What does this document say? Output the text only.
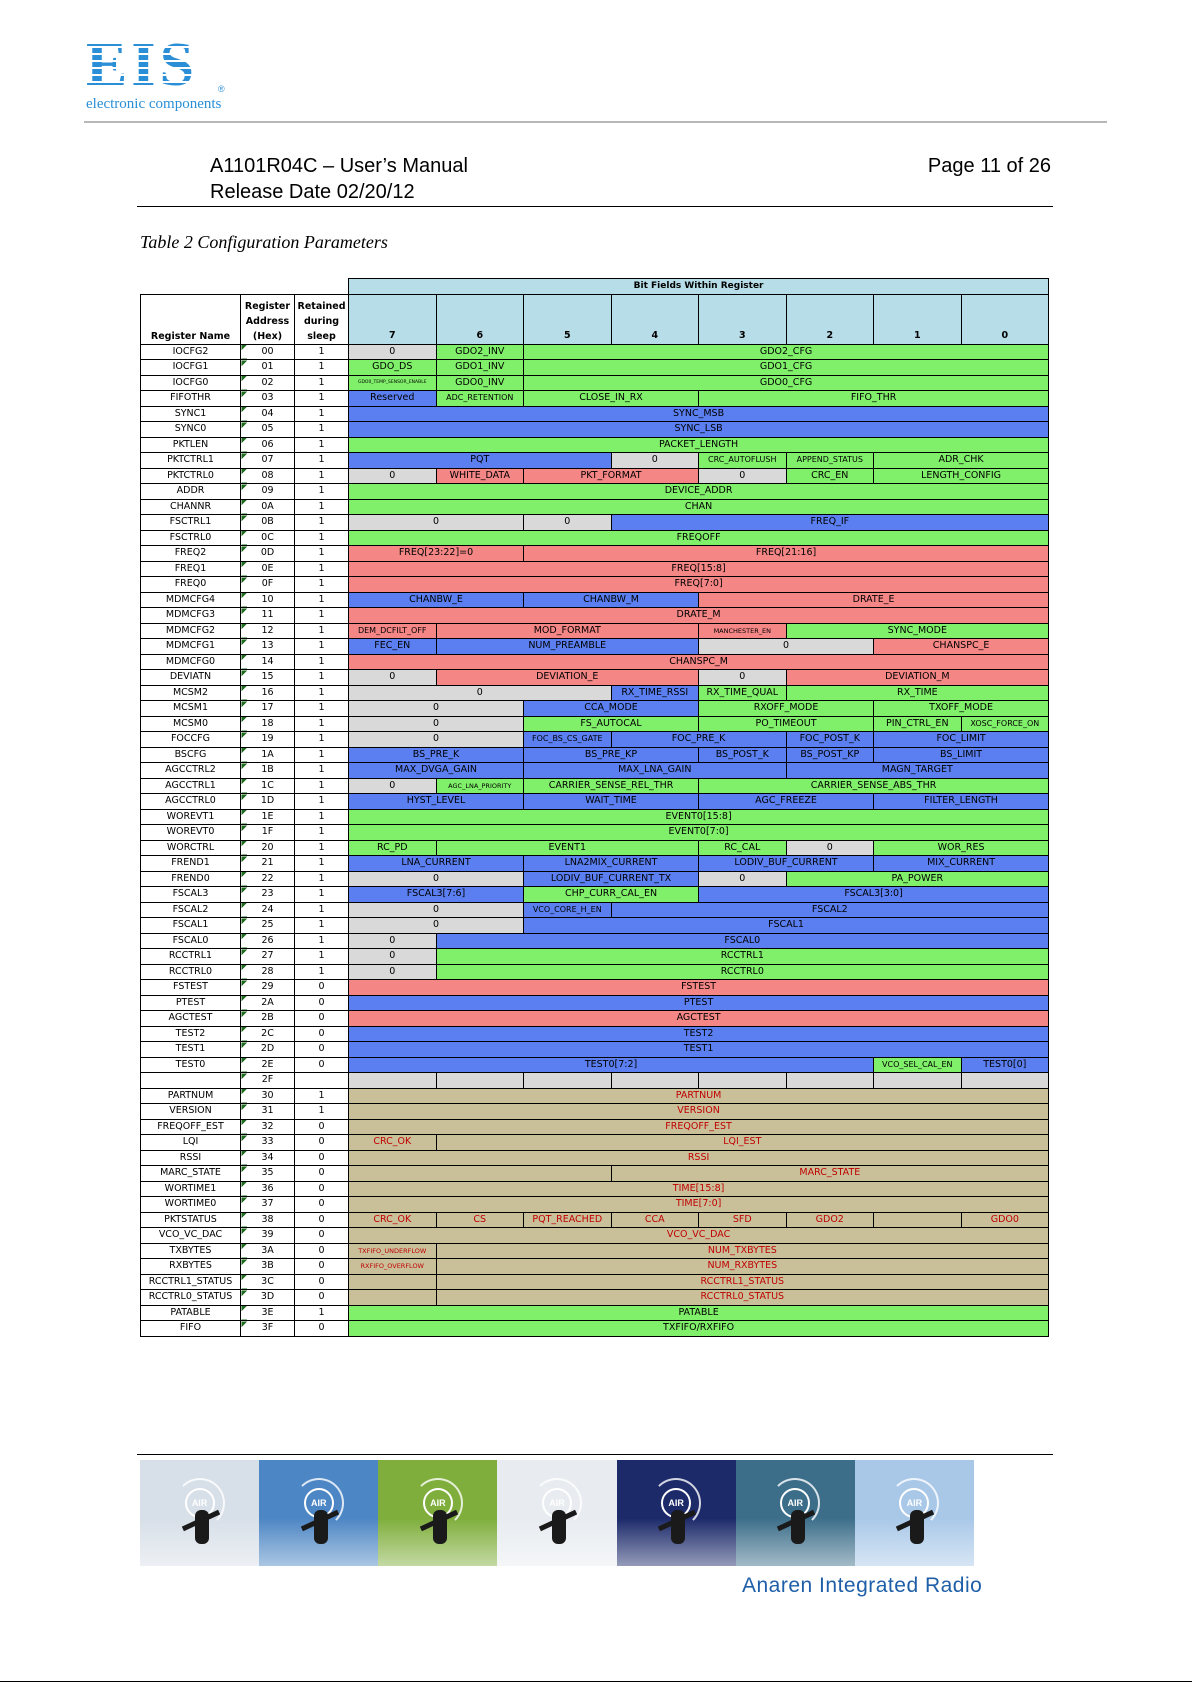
EIS
electronic components
®
A1101R04C – User’s Manual
Release Date 02/20/12
Page 11 of 26
Table 2 Configuration Parameters
			Bit Fields Within Register							
Register Name	Register Address (Hex)	Retained during sleep	7	6	5	4	3	2	1	0
IOCFG2	00	1	0	GDO2_INV	GDO2_CFG					
IOCFG1	01	1	GDO_DS	GDO1_INV	GDO1_CFG					
IOCFG0	02	1	GDO0_TEMP_SENSOR_ENABLE	GDO0_INV	GDO0_CFG					
FIFOTHR	03	1	Reserved	ADC_RETENTION	CLOSE_IN_RX		FIFO_THR			
SYNC1	04	1	SYNC_MSB							
SYNC0	05	1	SYNC_LSB							
PKTLEN	06	1	PACKET_LENGTH							
PKTCTRL1	07	1	PQT			0	CRC_AUTOFLUSH	APPEND_STATUS	ADR_CHK	
PKTCTRL0	08	1	0	WHITE_DATA	PKT_FORMAT		0	CRC_EN	LENGTH_CONFIG	
ADDR	09	1	DEVICE_ADDR							
CHANNR	0A	1	CHAN							
FSCTRL1	0B	1	0		0	FREQ_IF				
FSCTRL0	0C	1	FREQOFF							
FREQ2	0D	1	FREQ[23:22]=0		FREQ[21:16]					
FREQ1	0E	1	FREQ[15:8]							
FREQ0	0F	1	FREQ[7:0]							
MDMCFG4	10	1	CHANBW_E		CHANBW_M		DRATE_E			
MDMCFG3	11	1	DRATE_M							
MDMCFG2	12	1	DEM_DCFILT_OFF	MOD_FORMAT			MANCHESTER_EN	SYNC_MODE		
MDMCFG1	13	1	FEC_EN	NUM_PREAMBLE			0		CHANSPC_E	
MDMCFG0	14	1	CHANSPC_M							
DEVIATN	15	1	0	DEVIATION_E			0	DEVIATION_M		
MCSM2	16	1	0			RX_TIME_RSSI	RX_TIME_QUAL	RX_TIME		
MCSM1	17	1	0		CCA_MODE		RXOFF_MODE		TXOFF_MODE	
MCSM0	18	1	0		FS_AUTOCAL		PO_TIMEOUT		PIN_CTRL_EN	XOSC_FORCE_ON
FOCCFG	19	1	0		FOC_BS_CS_GATE	FOC_PRE_K		FOC_POST_K	FOC_LIMIT	
BSCFG	1A	1	BS_PRE_K		BS_PRE_KP		BS_POST_K	BS_POST_KP	BS_LIMIT	
AGCCTRL2	1B	1	MAX_DVGA_GAIN		MAX_LNA_GAIN			MAGN_TARGET		
AGCCTRL1	1C	1	0	AGC_LNA_PRIORITY	CARRIER_SENSE_REL_THR		CARRIER_SENSE_ABS_THR			
AGCCTRL0	1D	1	HYST_LEVEL		WAIT_TIME		AGC_FREEZE		FILTER_LENGTH	
WOREVT1	1E	1	EVENT0[15:8]							
WOREVT0	1F	1	EVENT0[7:0]							
WORCTRL	20	1	RC_PD	EVENT1			RC_CAL	0	WOR_RES	
FREND1	21	1	LNA_CURRENT		LNA2MIX_CURRENT		LODIV_BUF_CURRENT		MIX_CURRENT	
FREND0	22	1	0		LODIV_BUF_CURRENT_TX		0	PA_POWER		
FSCAL3	23	1	FSCAL3[7:6]		CHP_CURR_CAL_EN		FSCAL3[3:0]			
FSCAL2	24	1	0		VCO_CORE_H_EN	FSCAL2				
FSCAL1	25	1	0		FSCAL1					
FSCAL0	26	1	0	FSCAL0						
RCCTRL1	27	1	0	RCCTRL1						
RCCTRL0	28	1	0	RCCTRL0						
FSTEST	29	0	FSTEST							
PTEST	2A	0	PTEST							
AGCTEST	2B	0	AGCTEST							
TEST2	2C	0	TEST2							
TEST1	2D	0	TEST1							
TEST0	2E	0	TEST0[7:2]						VCO_SEL_CAL_EN	TEST0[0]
	2F									
PARTNUM	30	1	PARTNUM							
VERSION	31	1	VERSION							
FREQOFF_EST	32	0	FREQOFF_EST							
LQI	33	0	CRC_OK	LQI_EST						
RSSI	34	0	RSSI							
MARC_STATE	35	0				MARC_STATE				
WORTIME1	36	0	TIME[15:8]							
WORTIME0	37	0	TIME[7:0]							
PKTSTATUS	38	0	CRC_OK	CS	PQT_REACHED	CCA	SFD	GDO2		GDO0
VCO_VC_DAC	39	0	VCO_VC_DAC							
TXBYTES	3A	0	TXFIFO_UNDERFLOW	NUM_TXBYTES						
RXBYTES	3B	0	RXFIFO_OVERFLOW	NUM_RXBYTES						
RCCTRL1_STATUS	3C	0		RCCTRL1_STATUS						
RCCTRL0_STATUS	3D	0		RCCTRL0_STATUS						
PATABLE	3E	1	PATABLE							
FIFO	3F	0	TXFIFO/RXFIFO							
AIR	AIR	AIR	AIR	AIR	AIR	AIR
Anaren Integrated Radio
